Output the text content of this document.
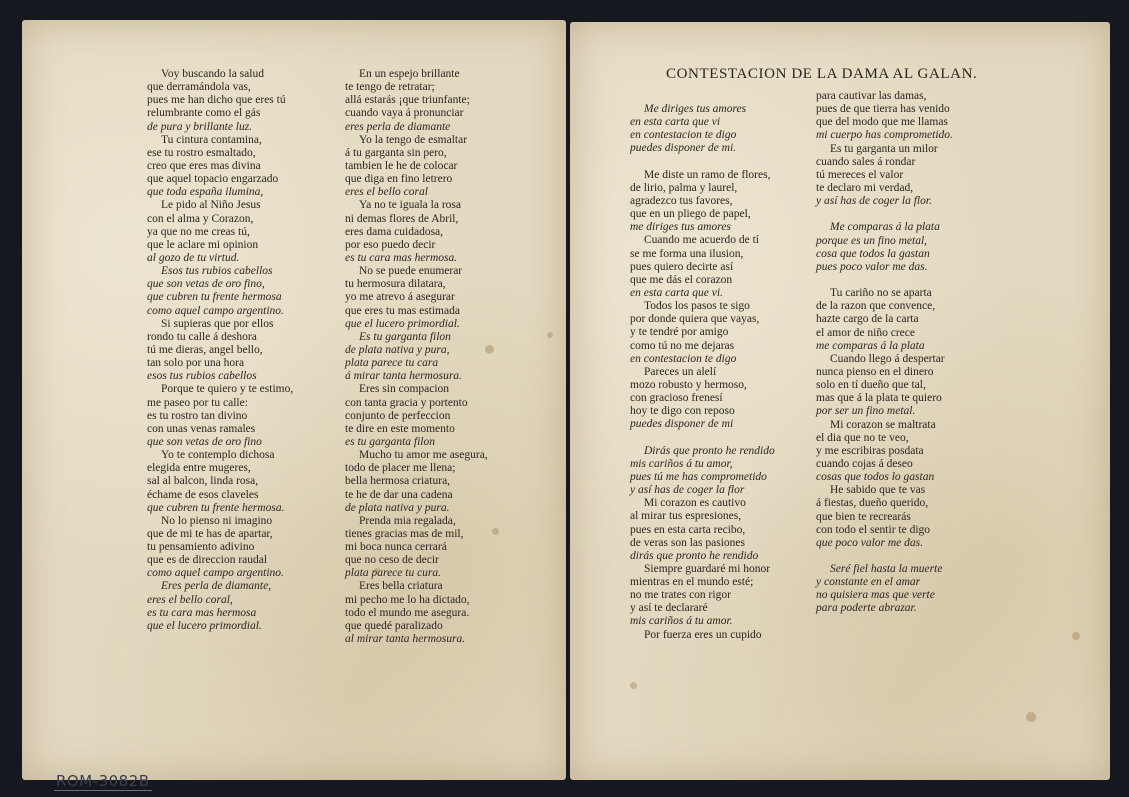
Voy buscando la salud
que derramándola vas,
pues me han dicho que eres tú
relumbrante como el gás
de pura y brillante luz.
Tu cintura contamina,
ese tu rostro esmaltado,
creo que eres mas divina
que aquel topacio engarzado
que toda españa ilumina,
Le pido al Niño Jesus
con el alma y Corazon,
ya que no me creas tú,
que le aclare mi opinion
al gozo de tu virtud.
Esos tus rubios cabellos
que son vetas de oro fino,
que cubren tu frente hermosa
como aquel campo argentino.
Si supieras que por ellos
rondo tu calle á deshora
tú me dieras, angel bello,
tan solo por una hora
esos tus rubios cabellos
Porque te quiero y te estimo,
me paseo por tu calle:
es tu rostro tan divino
con unas venas ramales
que son vetas de oro fino
Yo te contemplo dichosa
elegida entre mugeres,
sal al balcon, linda rosa,
échame de esos claveles
que cubren tu frente hermosa.
No lo pienso ni imagino
que de mi te has de apartar,
tu pensamiento adivino
que es de direccion raudal
como aquel campo argentino.
Eres perla de diamante,
eres el bello coral,
es tu cara mas hermosa
que el lucero primordial.
En un espejo brillante
te tengo de retratar;
allá estarás ¡que triunfante;
cuando vaya á pronunciar
eres perla de diamante
Yo la tengo de esmaltar
á tu garganta sin pero,
tambien le he de colocar
que diga en fino letrero
eres el bello coral
Ya no te iguala la rosa
ni demas flores de Abril,
eres dama cuidadosa,
por eso puedo decir
es tu cara mas hermosa.
No se puede enumerar
tu hermosura dilatara,
yo me atrevo á asegurar
que eres tu mas estimada
que el lucero primordial.
Es tu garganta filon
de plata nativa y pura,
plata parece tu cara
á mirar tanta hermosura.
Eres sin compacion
con tanta gracia y portento
conjunto de perfeccion
te dire en este momento
es tu garganta filon
Mucho tu amor me asegura,
todo de placer me llena;
bella hermosa criatura,
te he de dar una cadena
de plata nativa y pura.
Prenda mia regalada,
tienes gracias mas de mil,
mi boca nunca cerrará
que no ceso de decir
plata parece tu cura.
Eres bella criatura
mi pecho me lo ha dictado,
todo el mundo me asegura.
que quedé paralizado
al mirar tanta hermosura.
ROM-3082B
CONTESTACION DE LA DAMA AL GALAN.
Me diriges tus amores
en esta carta que vi
en contestacion te digo
puedes disponer de mi.
Me diste un ramo de flores,
de lirio, palma y laurel,
agradezco tus favores,
que en un pliego de papel,
me diriges tus amores
Cuando me acuerdo de tí
se me forma una ilusion,
pues quiero decirte así
que me dás el corazon
en esta carta que vi.
Todos los pasos te sigo
por donde quiera que vayas,
y te tendré por amigo
como tú no me dejaras
en contestacion te digo
Pareces un alelí
mozo robusto y hermoso,
con gracioso frenesí
hoy te digo con reposo
puedes disponer de mi
Dirás que pronto he rendido
mis cariños á tu amor,
pues tú me has comprometido
y así has de coger la flor
Mi corazon es cautivo
al mirar tus espresiones,
pues en esta carta recibo,
de veras son las pasiones
dirás que pronto he rendido
Siempre guardaré mi honor
mientras en el mundo esté;
no me trates con rigor
y así te declararé
mis cariños á tu amor.
Por fuerza eres un cupido
para cautivar las damas,
pues de que tierra has venido
que del modo que me llamas
mi cuerpo has comprometido.
Es tu garganta un milor
cuando sales á rondar
tú mereces el valor
te declaro mi verdad,
y así has de coger la flor.
Me comparas á la plata
porque es un fino metal,
cosa que todos la gastan
pues poco valor me das.
Tu cariño no se aparta
de la razon que convence,
hazte cargo de la carta
el amor de niño crece
me comparas á la plata
Cuando llego á despertar
nunca pienso en el dinero
solo en tí dueño que tal,
mas que á la plata te quiero
por ser un fino metal.
Mi corazon se maltrata
el dia que no te veo,
y me escribiras posdata
cuando cojas á deseo
cosas que todos lo gastan
He sabido que te vas
á fiestas, dueño querido,
que bien te recrearás
con todo el sentir te digo
que poco valor me das.
Seré fiel hasta la muerte
y constante en el amar
no quisiera mas que verte
para poderte abrazar.
